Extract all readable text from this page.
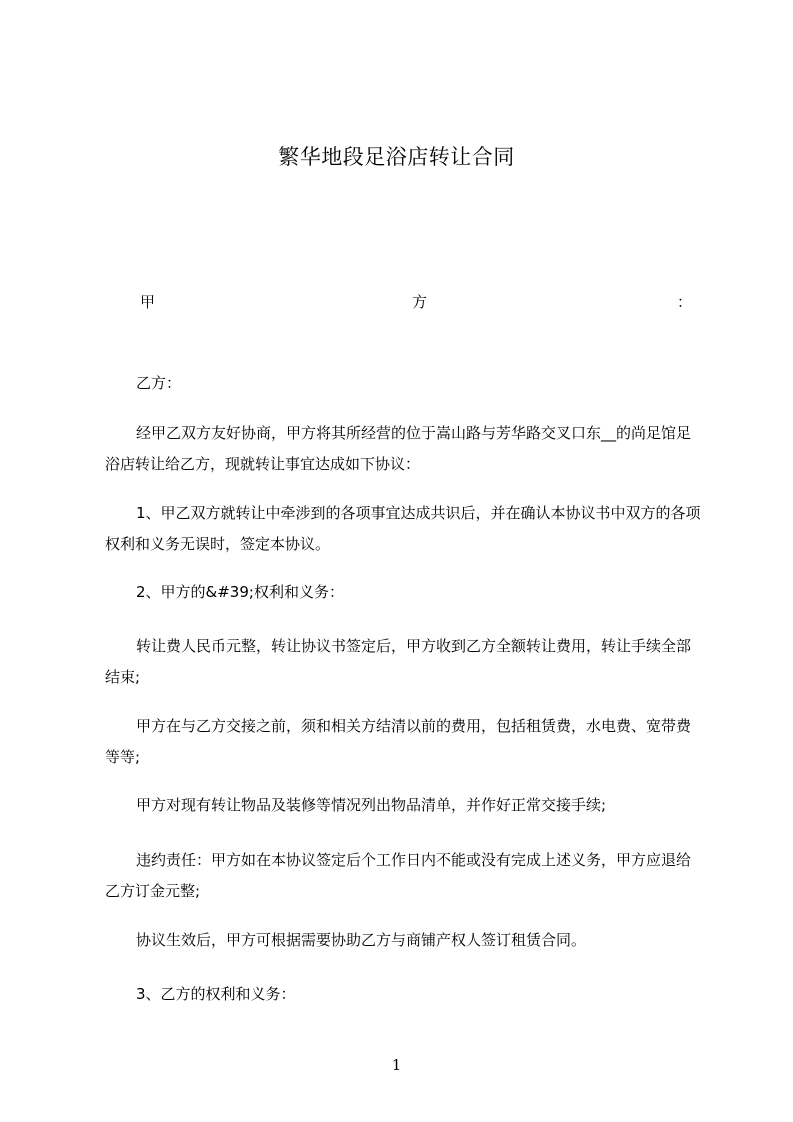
繁华地段足浴店转让合同
甲	方	：

乙方：

经甲乙双方友好协商，甲方将其所经营的位于嵩山路与芳华路交叉口东__的尚足馆足浴店转让给乙方，现就转让事宜达成如下协议：

1、甲乙双方就转让中牵涉到的各项事宜达成共识后，并在确认本协议书中双方的各项权利和义务无误时，签定本协议。

2、甲方的&#39;权利和义务：

转让费人民币元整，转让协议书签定后，甲方收到乙方全额转让费用，转让手续全部结束;

甲方在与乙方交接之前，须和相关方结清以前的费用，包括租赁费，水电费、宽带费等等;

甲方对现有转让物品及装修等情况列出物品清单，并作好正常交接手续;

违约责任：甲方如在本协议签定后个工作日内不能或没有完成上述义务，甲方应退给乙方订金元整;

协议生效后，甲方可根据需要协助乙方与商铺产权人签订租赁合同。

3、乙方的权利和义务：

1
